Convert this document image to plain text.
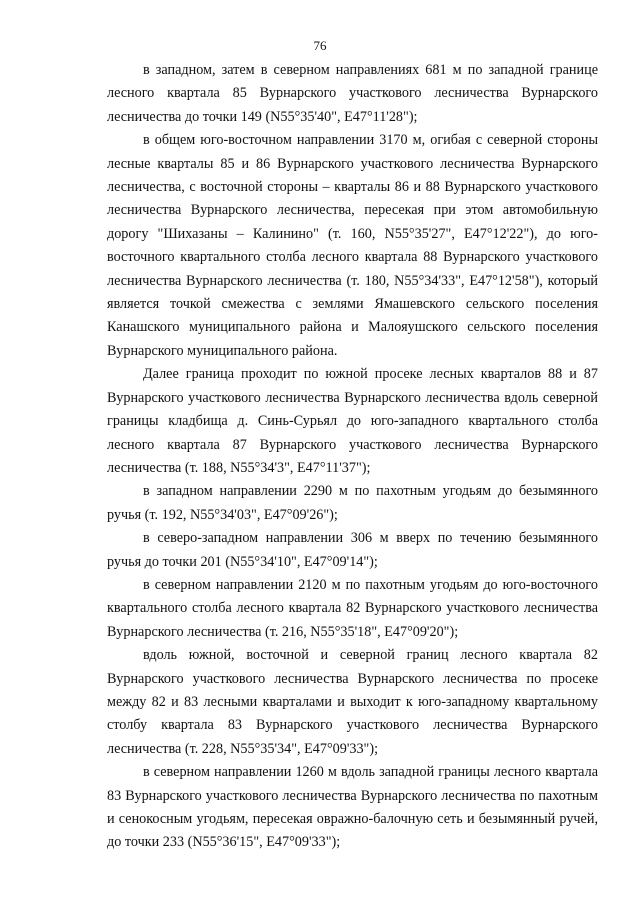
76

в западном, затем в северном направлениях 681 м по западной границе лесного квартала 85 Вурнарского участкового лесничества Вурнарского лесничества до точки 149 (N55°35'40", E47°11'28");

в общем юго-восточном направлении 3170 м, огибая с северной стороны лесные кварталы 85 и 86 Вурнарского участкового лесничества Вурнарского лесничества, с восточной стороны – кварталы 86 и 88 Вурнарского участкового лесничества Вурнарского лесничества, пересекая при этом автомобильную дорогу "Шихазаны – Калинино" (т. 160, N55°35'27", E47°12'22"), до юго-восточного квартального столба лесного квартала 88 Вурнарского участкового лесничества Вурнарского лесничества (т. 180, N55°34'33", E47°12'58"), который является точкой смежества с землями Ямашевского сельского поселения Канашского муниципального района и Малояушского сельского поселения Вурнарского муниципального района.

Далее граница проходит по южной просеке лесных кварталов 88 и 87 Вурнарского участкового лесничества Вурнарского лесничества вдоль северной границы кладбища д. Синь-Сурьял до юго-западного квартального столба лесного квартала 87 Вурнарского участкового лесничества Вурнарского лесничества (т. 188, N55°34'3", E47°11'37");

в западном направлении 2290 м по пахотным угодьям до безымянного ручья (т. 192, N55°34'03", E47°09'26");

в северо-западном направлении 306 м вверх по течению безымянного ручья до точки 201 (N55°34'10", E47°09'14");

в северном направлении 2120 м по пахотным угодьям до юго-восточного квартального столба лесного квартала 82 Вурнарского участкового лесничества Вурнарского лесничества (т. 216, N55°35'18", E47°09'20");

вдоль южной, восточной и северной границ лесного квартала 82 Вурнарского участкового лесничества Вурнарского лесничества по просеке между 82 и 83 лесными кварталами и выходит к юго-западному квартальному столбу квартала 83 Вурнарского участкового лесничества Вурнарского лесничества (т. 228, N55°35'34", E47°09'33");

в северном направлении 1260 м вдоль западной границы лесного квартала 83 Вурнарского участкового лесничества Вурнарского лесничества по пахотным и сенокосным угодьям, пересекая овражно-балочную сеть и безымянный ручей, до точки 233 (N55°36'15", E47°09'33");
